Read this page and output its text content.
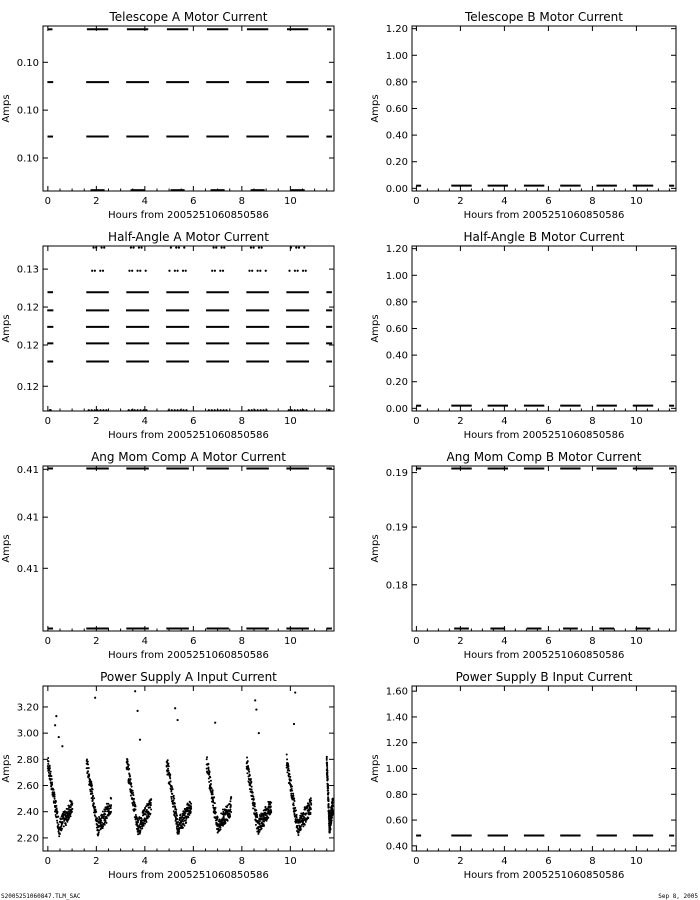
Telescope A Motor Current
Hours from 2005251060850586
Amps
0	2	4	6	8	10
0.10
0.10
0.10
Telescope B Motor Current
Hours from 2005251060850586
Amps
0	2	4	6	8	10
0.00
0.20
0.40
0.60
0.80
1.00
1.20
Half-Angle A Motor Current
Hours from 2005251060850586
Amps
0	2	4	6	8	10
0.12
0.12
0.12
0.13
Half-Angle B Motor Current
Hours from 2005251060850586
Amps
0	2	4	6	8	10
0.00
0.20
0.40
0.60
0.80
1.00
1.20
Ang Mom Comp A Motor Current
Hours from 2005251060850586
Amps
0	2	4	6	8	10
0.41
0.41
0.41
Ang Mom Comp B Motor Current
Hours from 2005251060850586
Amps
0	2	4	6	8	10
0.18
0.19
0.19
Power Supply A Input Current
Hours from 2005251060850586
Amps
0	2	4	6	8	10
2.20
2.40
2.60
2.80
3.00
3.20
Power Supply B Input Current
Hours from 2005251060850586
Amps
0	2	4	6	8	10
0.40
0.60
0.80
1.00
1.20
1.40
1.60
S2005251060847.TLM_SAC	Sep 8, 2005
